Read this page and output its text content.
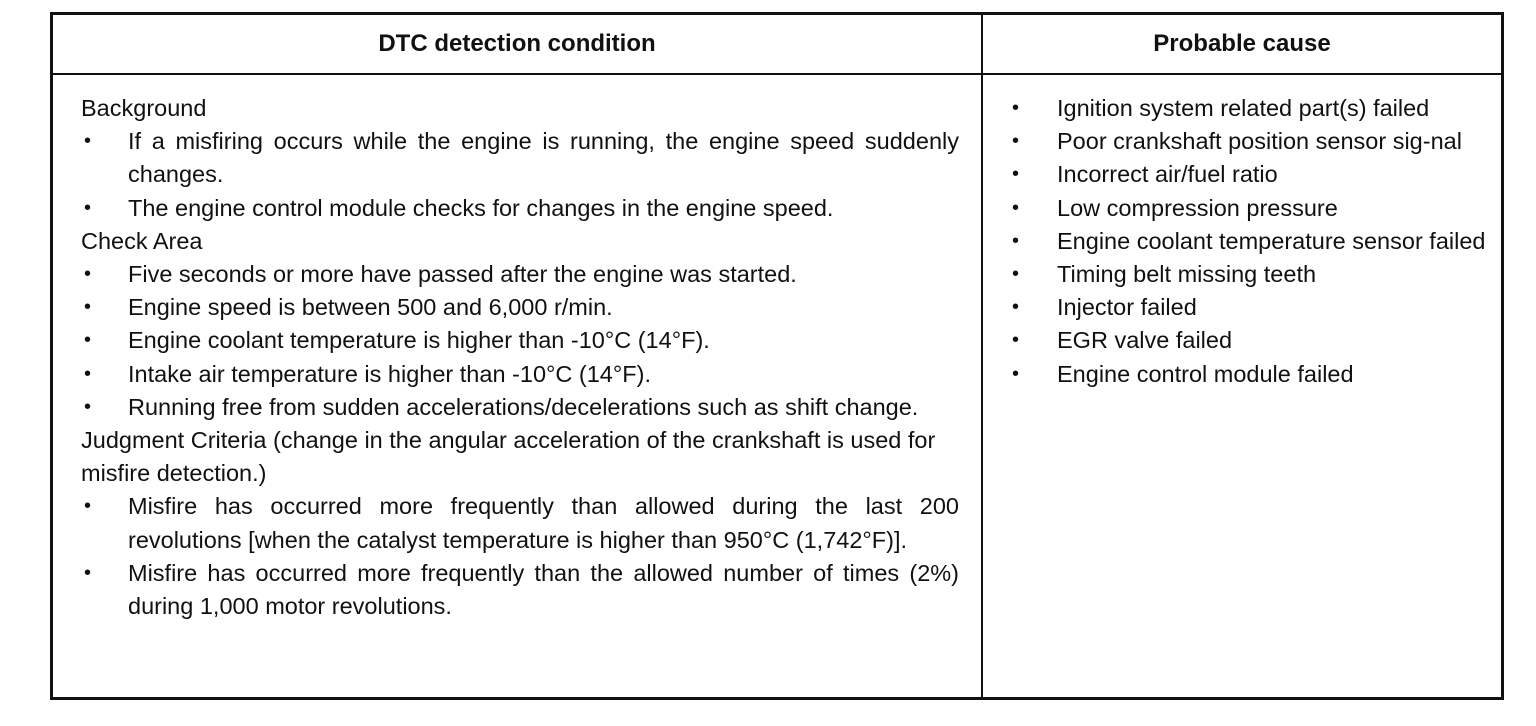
DTC detection condition	Probable cause

Background

• If a misfiring occurs while the engine is running, the engine speed suddenly changes.
• The engine control module checks for changes in the engine speed.

Check Area

• Five seconds or more have passed after the engine was started.
• Engine speed is between 500 and 6,000 r/min.
• Engine coolant temperature is higher than -10°C (14°F).
• Intake air temperature is higher than -10°C (14°F).
• Running free from sudden accelerations/decelerations such as shift change.

Judgment Criteria (change in the angular acceleration of the crankshaft is used for misfire detection.)

• Misfire has occurred more frequently than allowed during the last 200 revolutions [when the catalyst temperature is higher than 950°C (1,742°F)].
• Misfire has occurred more frequently than the allowed number of times (2%) during 1,000 motor revolutions.
• Ignition system related part(s) failed
• Poor crankshaft position sensor sig-nal
• Incorrect air/fuel ratio
• Low compression pressure
• Engine coolant temperature sensor failed
• Timing belt missing teeth
• Injector failed
• EGR valve failed
• Engine control module failed
